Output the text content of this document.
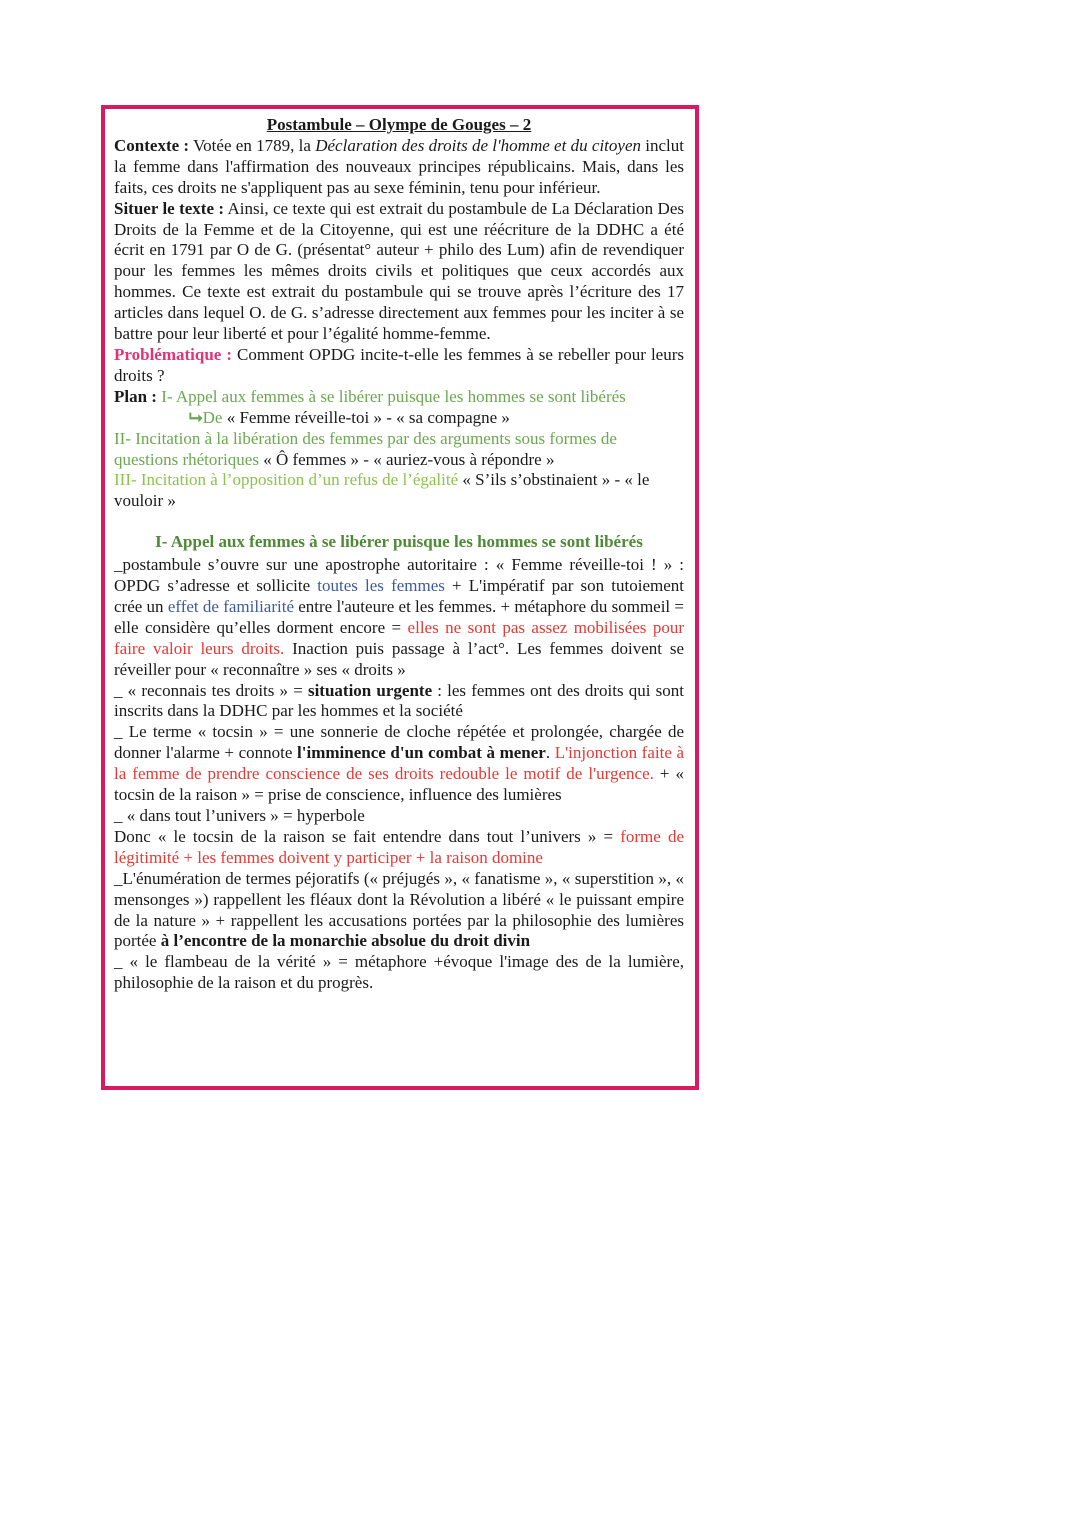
Postambule – Olympe de Gouges – 2

Contexte : Votée en 1789, la Déclaration des droits de l'homme et du citoyen inclut la femme dans l'affirmation des nouveaux principes républicains. Mais, dans les faits, ces droits ne s'appliquent pas au sexe féminin, tenu pour inférieur.

Situer le texte : Ainsi, ce texte qui est extrait du postambule de La Déclaration Des Droits de la Femme et de la Citoyenne, qui est une réécriture de la DDHC a été écrit en 1791 par O de G. (présentat° auteur + philo des Lum) afin de revendiquer pour les femmes les mêmes droits civils et politiques que ceux accordés aux hommes. Ce texte est extrait du postambule qui se trouve après l’écriture des 17 articles dans lequel O. de G. s’adresse directement aux femmes pour les inciter à se battre pour leur liberté et pour l’égalité homme-femme.

Problématique : Comment OPDG incite-t-elle les femmes à se rebeller pour leurs droits ?

Plan : I- Appel aux femmes à se libérer puisque les hommes se sont libérés

⮡De « Femme réveille-toi » - « sa compagne »

II- Incitation à la libération des femmes par des arguments sous formes de questions rhétoriques « Ô femmes » - « auriez-vous à répondre »

III- Incitation à l’opposition d’un refus de l’égalité « S’ils s’obstinaient » - « le vouloir »

I- Appel aux femmes à se libérer puisque les hommes se sont libérés

_postambule s’ouvre sur une apostrophe autoritaire : « Femme réveille-toi ! » : OPDG s’adresse et sollicite toutes les femmes + L'impératif par son tutoiement crée un effet de familiarité entre l'auteure et les femmes. + métaphore du sommeil = elle considère qu’elles dorment encore = elles ne sont pas assez mobilisées pour faire valoir leurs droits. Inaction puis passage à l’act°. Les femmes doivent se réveiller pour « reconnaître » ses « droits »

_ « reconnais tes droits » = situation urgente : les femmes ont des droits qui sont inscrits dans la DDHC par les hommes et la société

_ Le terme « tocsin » = une sonnerie de cloche répétée et prolongée, chargée de donner l'alarme + connote l'imminence d'un combat à mener. L'injonction faite à la femme de prendre conscience de ses droits redouble le motif de l'urgence. + « tocsin de la raison » = prise de conscience, influence des lumières

_ « dans tout l’univers » = hyperbole

Donc « le tocsin de la raison se fait entendre dans tout l’univers » = forme de légitimité + les femmes doivent y participer + la raison domine

_L'énumération de termes péjoratifs (« préjugés », « fanatisme », « superstition », « mensonges ») rappellent les fléaux dont la Révolution a libéré « le puissant empire de la nature » + rappellent les accusations portées par la philosophie des lumières portée à l’encontre de la monarchie absolue du droit divin

_ « le flambeau de la vérité » = métaphore +évoque l'image des de la lumière, philosophie de la raison et du progrès.
